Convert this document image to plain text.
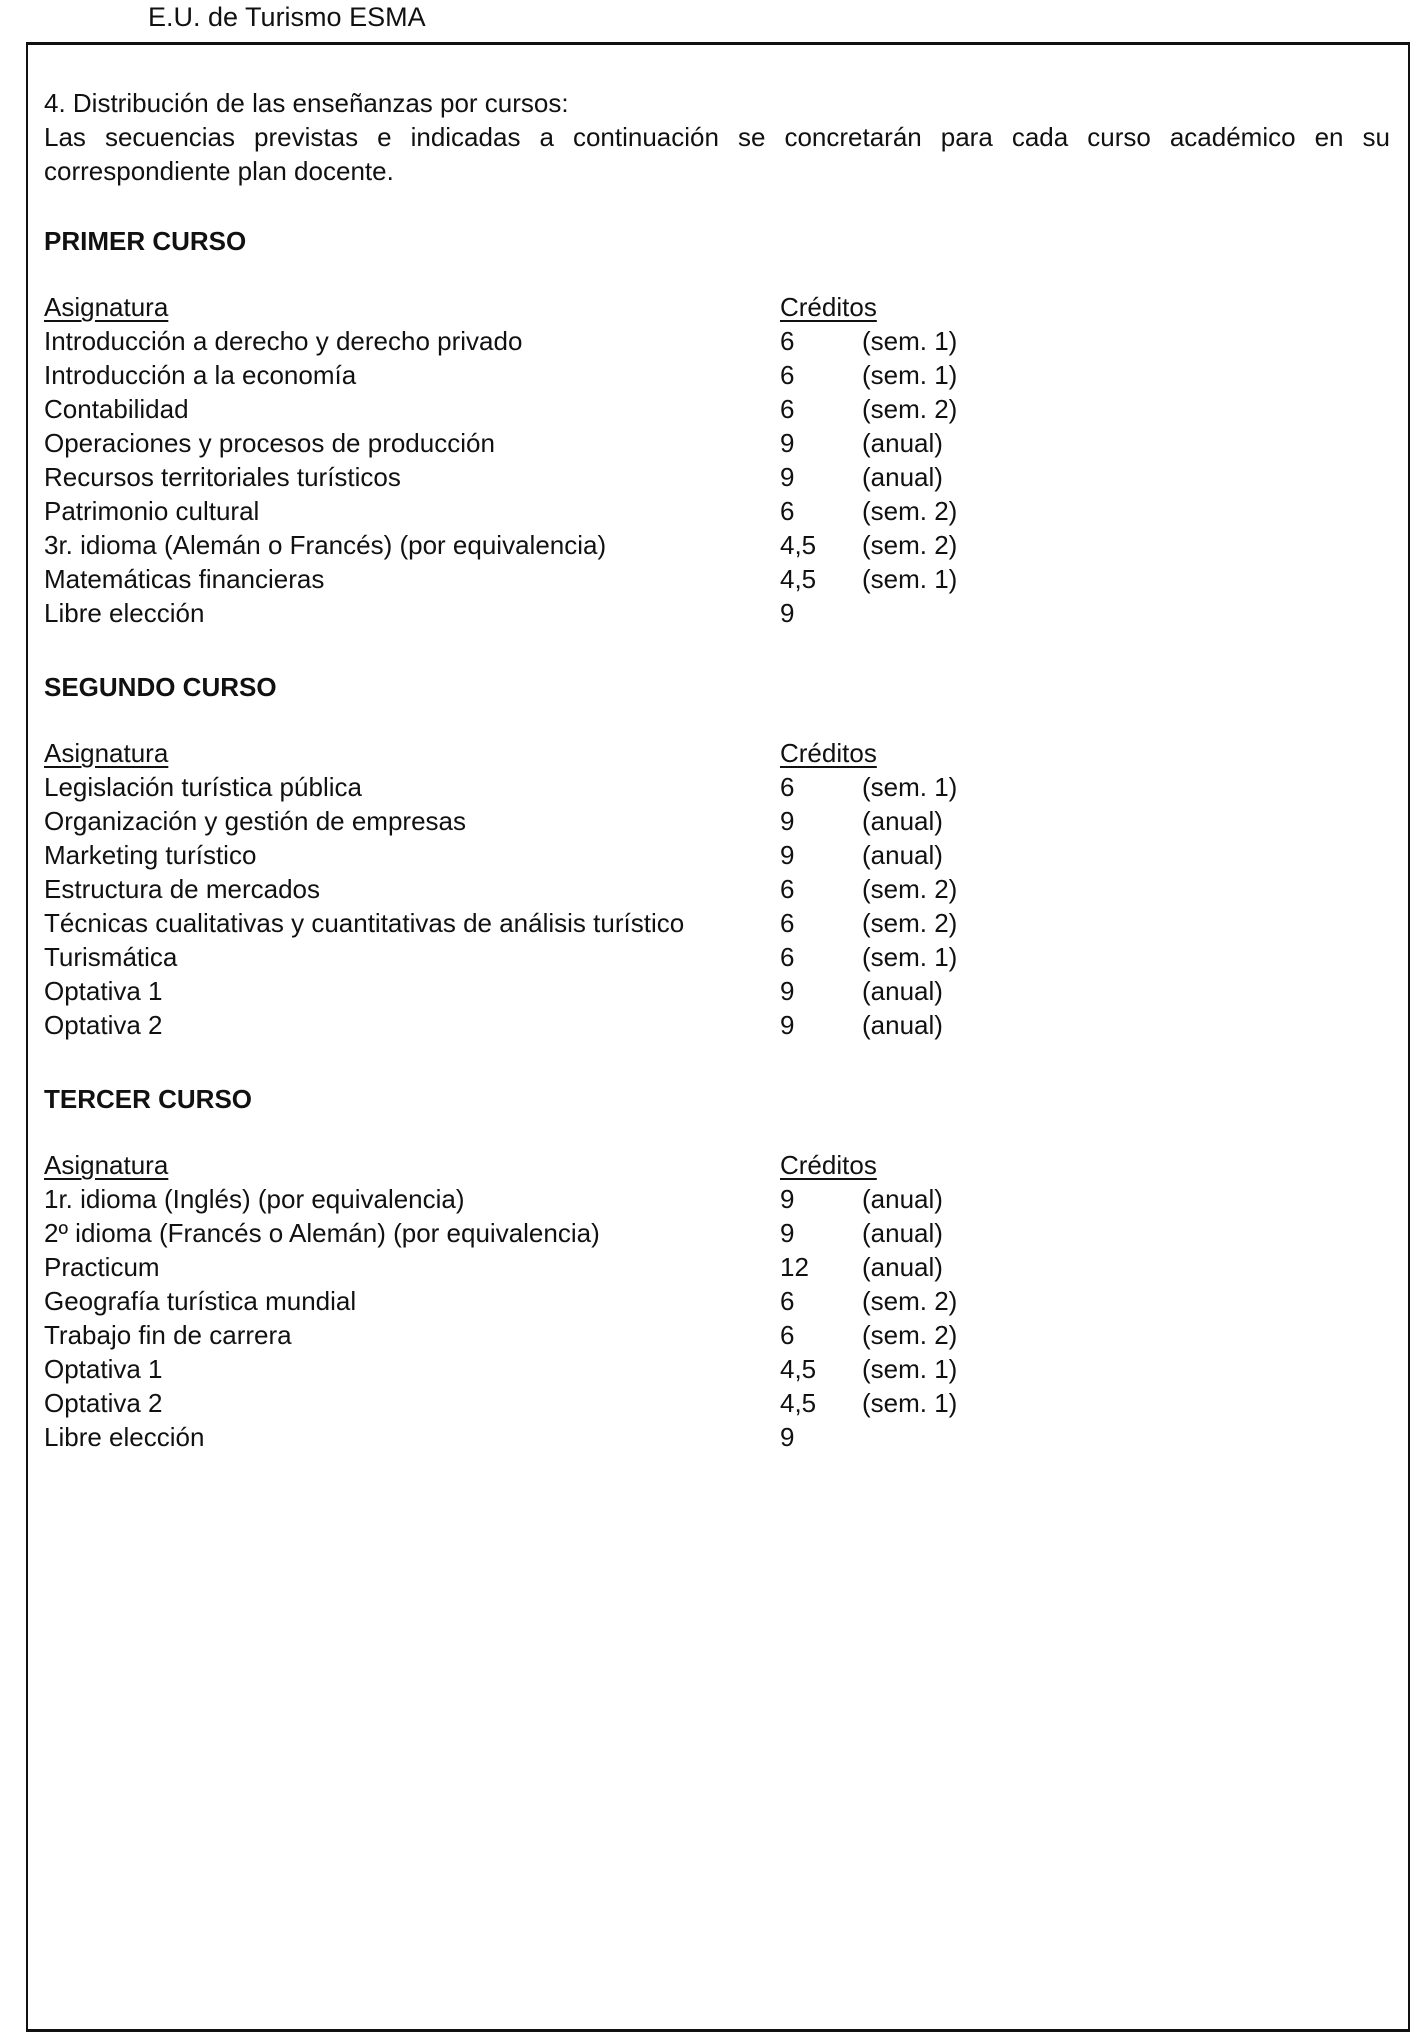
E.U. de Turismo ESMA

4. Distribución de las enseñanzas por cursos:

Las secuencias previstas e indicadas a continuación se concretarán para cada curso académico en su correspondiente plan docente.

PRIMER CURSO

Asignatura	Créditos
Introducción a derecho y derecho privado	6	(sem. 1)
Introducción a la economía	6	(sem. 1)
Contabilidad	6	(sem. 2)
Operaciones y procesos de producción	9	(anual)
Recursos territoriales turísticos	9	(anual)
Patrimonio cultural	6	(sem. 2)
3r. idioma (Alemán o Francés) (por equivalencia)	4,5 (sem. 2)
Matemáticas financieras	4,5 (sem. 1)
Libre elección	9

SEGUNDO CURSO

Asignatura	Créditos
Legislación turística pública	6	(sem. 1)
Organización y gestión de empresas	9	(anual)
Marketing turístico	9	(anual)
Estructura de mercados	6	(sem. 2)
Técnicas cualitativas y cuantitativas de análisis turístico	6	(sem. 2)
Turismática	6	(sem. 1)
Optativa 1	9	(anual)
Optativa 2	9	(anual)

TERCER CURSO

Asignatura	Créditos
1r. idioma (Inglés) (por equivalencia)	9	(anual)
2º idioma (Francés o Alemán) (por equivalencia)	9	(anual)
Practicum	12 (anual)
Geografía turística mundial	6	(sem. 2)
Trabajo fin de carrera	6	(sem. 2)
Optativa 1	4,5 (sem. 1)
Optativa 2	4,5 (sem. 1)
Libre elección	9
